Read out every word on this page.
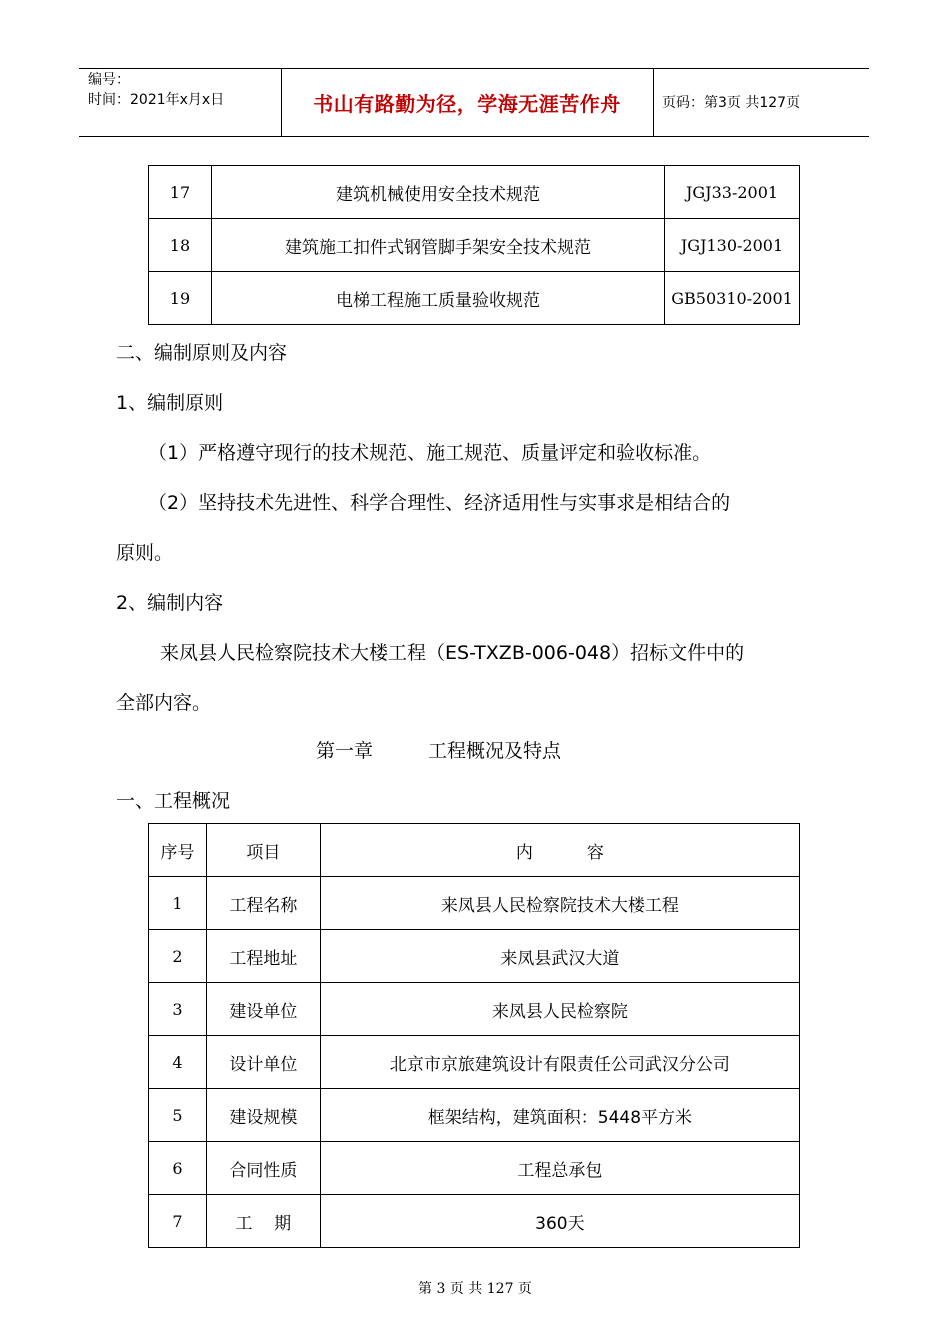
编号：
时间：2021年x月x日	书山有路勤为径，学海无涯苦作舟	页码：第3页 共127页
17	建筑机械使用安全技术规范	JGJ33-2001
18	建筑施工扣件式钢管脚手架安全技术规范	JGJ130-2001
19	电梯工程施工质量验收规范	GB50310-2001
二、编制原则及内容
1、编制原则
（1）严格遵守现行的技术规范、施工规范、质量评定和验收标准。
（2）坚持技术先进性、科学合理性、经济适用性与实事求是相结合的
原则。
2、编制内容
来凤县人民检察院技术大楼工程（ES-TXZB-006-048）招标文件中的
全部内容。
第一章	工程概况及特点
一、工程概况
序号	项目	内          容
1	工程名称	来凤县人民检察院技术大楼工程
2	工程地址	来凤县武汉大道
3	建设单位	来凤县人民检察院
4	设计单位	北京市京旅建筑设计有限责任公司武汉分公司
5	建设规模	框架结构，建筑面积：5448平方米
6	合同性质	工程总承包
7	工    期	360天
第 3 页 共 127 页
